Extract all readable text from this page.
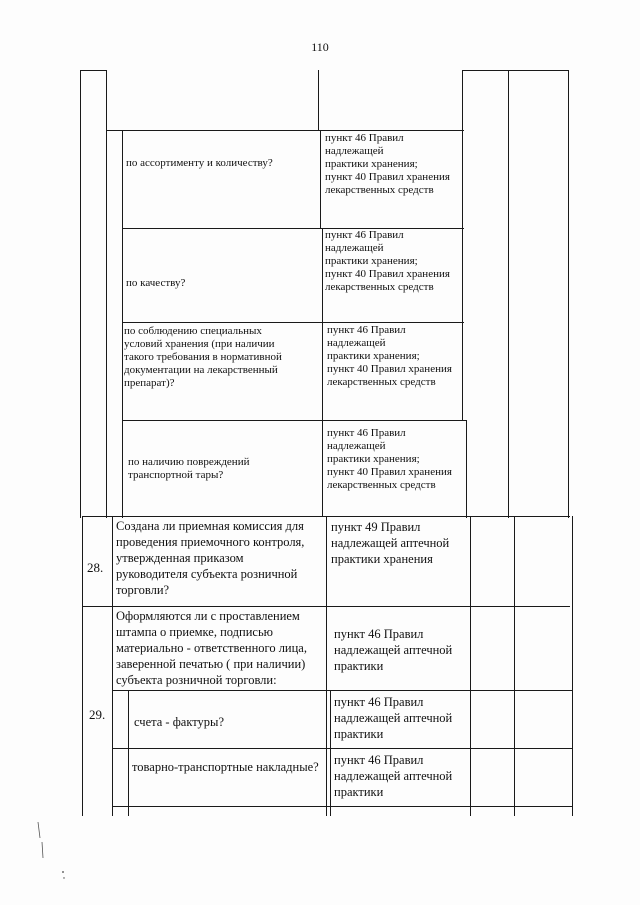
110
по ассортименту и количеству?
пункт 46 Правил
надлежащей
практики хранения;
пункт 40 Правил хранения
лекарственных средств
по качеству?
пункт 46 Правил
надлежащей
практики хранения;
пункт 40 Правил хранения
лекарственных средств
по соблюдению специальных
условий хранения (при наличии
такого требования в нормативной
документации на лекарственный
препарат)?
пункт 46 Правил
надлежащей
практики хранения;
пункт 40 Правил хранения
лекарственных средств
по наличию повреждений
транспортной тары?
пункт 46 Правил
надлежащей
практики хранения;
пункт 40 Правил хранения
лекарственных средств
28.
Создана ли приемная комиссия для
проведения приемочного контроля,
утвержденная приказом
руководителя субъекта розничной
торговли?
пункт 49 Правил
надлежащей аптечной
практики хранения
29.
Оформляются ли с проставлением
штампа о приемке, подписью
материально - ответственного лица,
заверенной печатью ( при наличии)
субъекта розничной торговли:
пункт 46 Правил
надлежащей аптечной
практики
счета - фактуры?
пункт 46 Правил
надлежащей аптечной
практики
товарно-транспортные накладные?	пункт 46 Правил
надлежащей аптечной
практики
